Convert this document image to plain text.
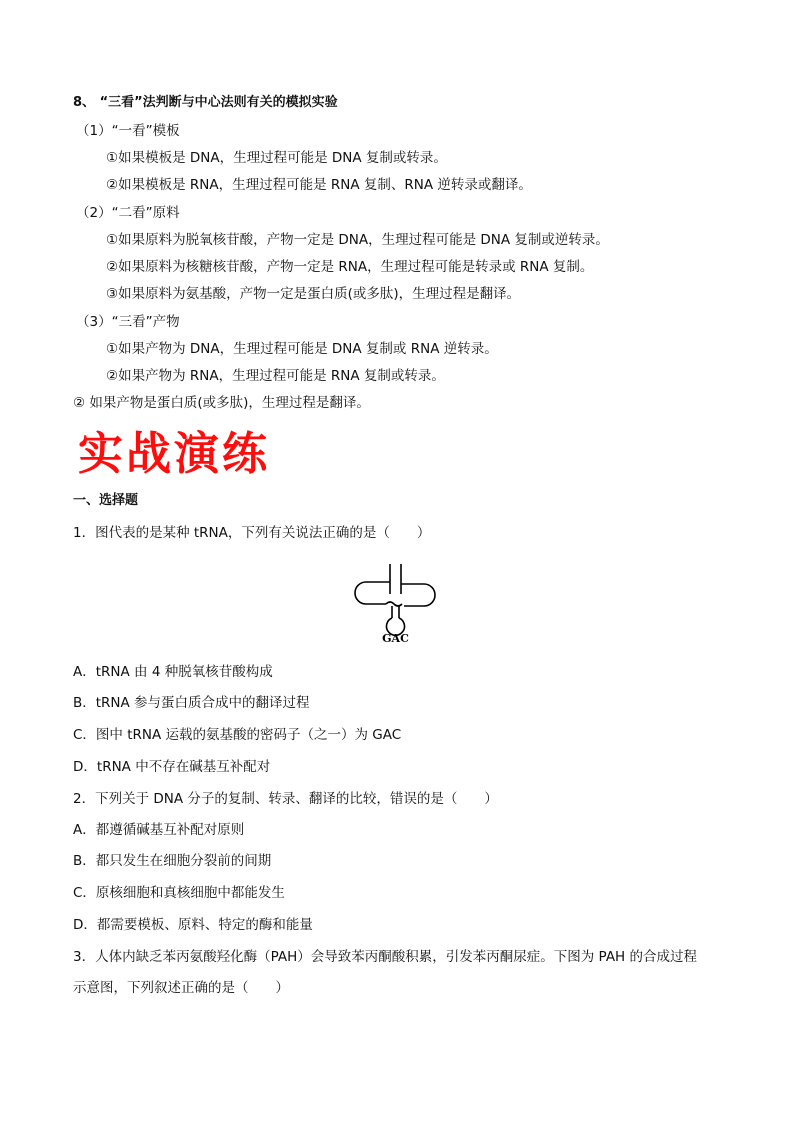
8、 “三看”法判断与中心法则有关的模拟实验
（1）“一看”模板
①如果模板是 DNA，生理过程可能是 DNA 复制或转录。
②如果模板是 RNA，生理过程可能是 RNA 复制、RNA 逆转录或翻译。
（2）“二看”原料
①如果原料为脱氧核苷酸，产物一定是 DNA，生理过程可能是 DNA 复制或逆转录。
②如果原料为核糖核苷酸，产物一定是 RNA，生理过程可能是转录或 RNA 复制。
③如果原料为氨基酸，产物一定是蛋白质(或多肽)，生理过程是翻译。
（3）“三看”产物
①如果产物为 DNA，生理过程可能是 DNA 复制或 RNA 逆转录。
②如果产物为 RNA，生理过程可能是 RNA 复制或转录。
② 如果产物是蛋白质(或多肽)，生理过程是翻译。
实战演练
一、选择题
1．图代表的是某种 tRNA，下列有关说法正确的是（　　）
GAC
A．tRNA 由 4 种脱氧核苷酸构成
B．tRNA 参与蛋白质合成中的翻译过程
C．图中 tRNA 运载的氨基酸的密码子（之一）为 GAC
D．tRNA 中不存在碱基互补配对
2．下列关于 DNA 分子的复制、转录、翻译的比较，错误的是（　　）
A．都遵循碱基互补配对原则
B．都只发生在细胞分裂前的间期
C．原核细胞和真核细胞中都能发生
D．都需要模板、原料、特定的酶和能量
3．人体内缺乏苯丙氨酸羟化酶（PAH）会导致苯丙酮酸积累，引发苯丙酮尿症。下图为 PAH 的合成过程
示意图，下列叙述正确的是（　　）
